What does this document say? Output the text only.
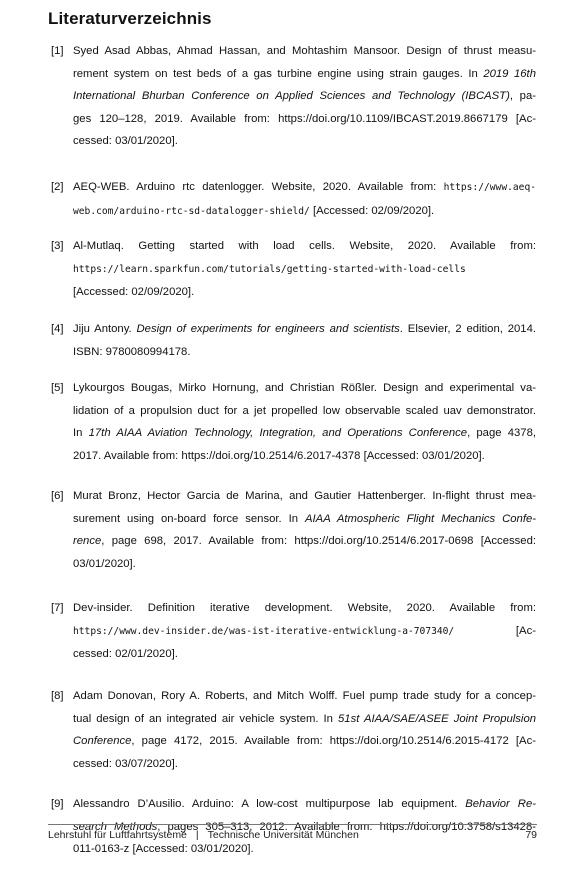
Literaturverzeichnis
[1] Syed Asad Abbas, Ahmad Hassan, and Mohtashim Mansoor. Design of thrust measu-
rement system on test beds of a gas turbine engine using strain gauges. In 2019 16th
International Bhurban Conference on Applied Sciences and Technology (IBCAST), pa-
ges 120–128, 2019. Available from: https://doi.org/10.1109/IBCAST.2019.8667179 [Ac-
cessed: 03/01/2020].
[2] AEQ-WEB. Arduino rtc datenlogger. Website, 2020. Available from: https://www.aeq-
web.com/arduino-rtc-sd-datalogger-shield/ [Accessed: 02/09/2020].
[3] Al-Mutlaq. Getting started with load cells. Website, 2020. Available from:
https://learn.sparkfun.com/tutorials/getting-started-with-load-cells
[Accessed: 02/09/2020].
[4] Jiju Antony. Design of experiments for engineers and scientists. Elsevier, 2 edition, 2014.
ISBN: 9780080994178.
[5] Lykourgos Bougas, Mirko Hornung, and Christian Rößler. Design and experimental va-
lidation of a propulsion duct for a jet propelled low observable scaled uav demonstrator.
In 17th AIAA Aviation Technology, Integration, and Operations Conference, page 4378,
2017. Available from: https://doi.org/10.2514/6.2017-4378 [Accessed: 03/01/2020].
[6] Murat Bronz, Hector Garcia de Marina, and Gautier Hattenberger. In-flight thrust mea-
surement using on-board force sensor. In AIAA Atmospheric Flight Mechanics Confe-
rence, page 698, 2017. Available from: https://doi.org/10.2514/6.2017-0698 [Accessed:
03/01/2020].
[7] Dev-insider. Definition iterative development. Website, 2020. Available from:
https://www.dev-insider.de/was-ist-iterative-entwicklung-a-707340/ [Ac-
cessed: 02/01/2020].
[8] Adam Donovan, Rory A. Roberts, and Mitch Wolff. Fuel pump trade study for a concep-
tual design of an integrated air vehicle system. In 51st AIAA/SAE/ASEE Joint Propulsion
Conference, page 4172, 2015. Available from: https://doi.org/10.2514/6.2015-4172 [Ac-
cessed: 03/07/2020].
[9] Alessandro D’Ausilio. Arduino: A low-cost multipurpose lab equipment. Behavior Re-
search Methods, pages 305–313, 2012. Available from: https://doi.org/10.3758/s13428-
011-0163-z [Accessed: 03/01/2020].
Lehrstuhl für Luftfahrtsysteme | Technische Universität München	79
